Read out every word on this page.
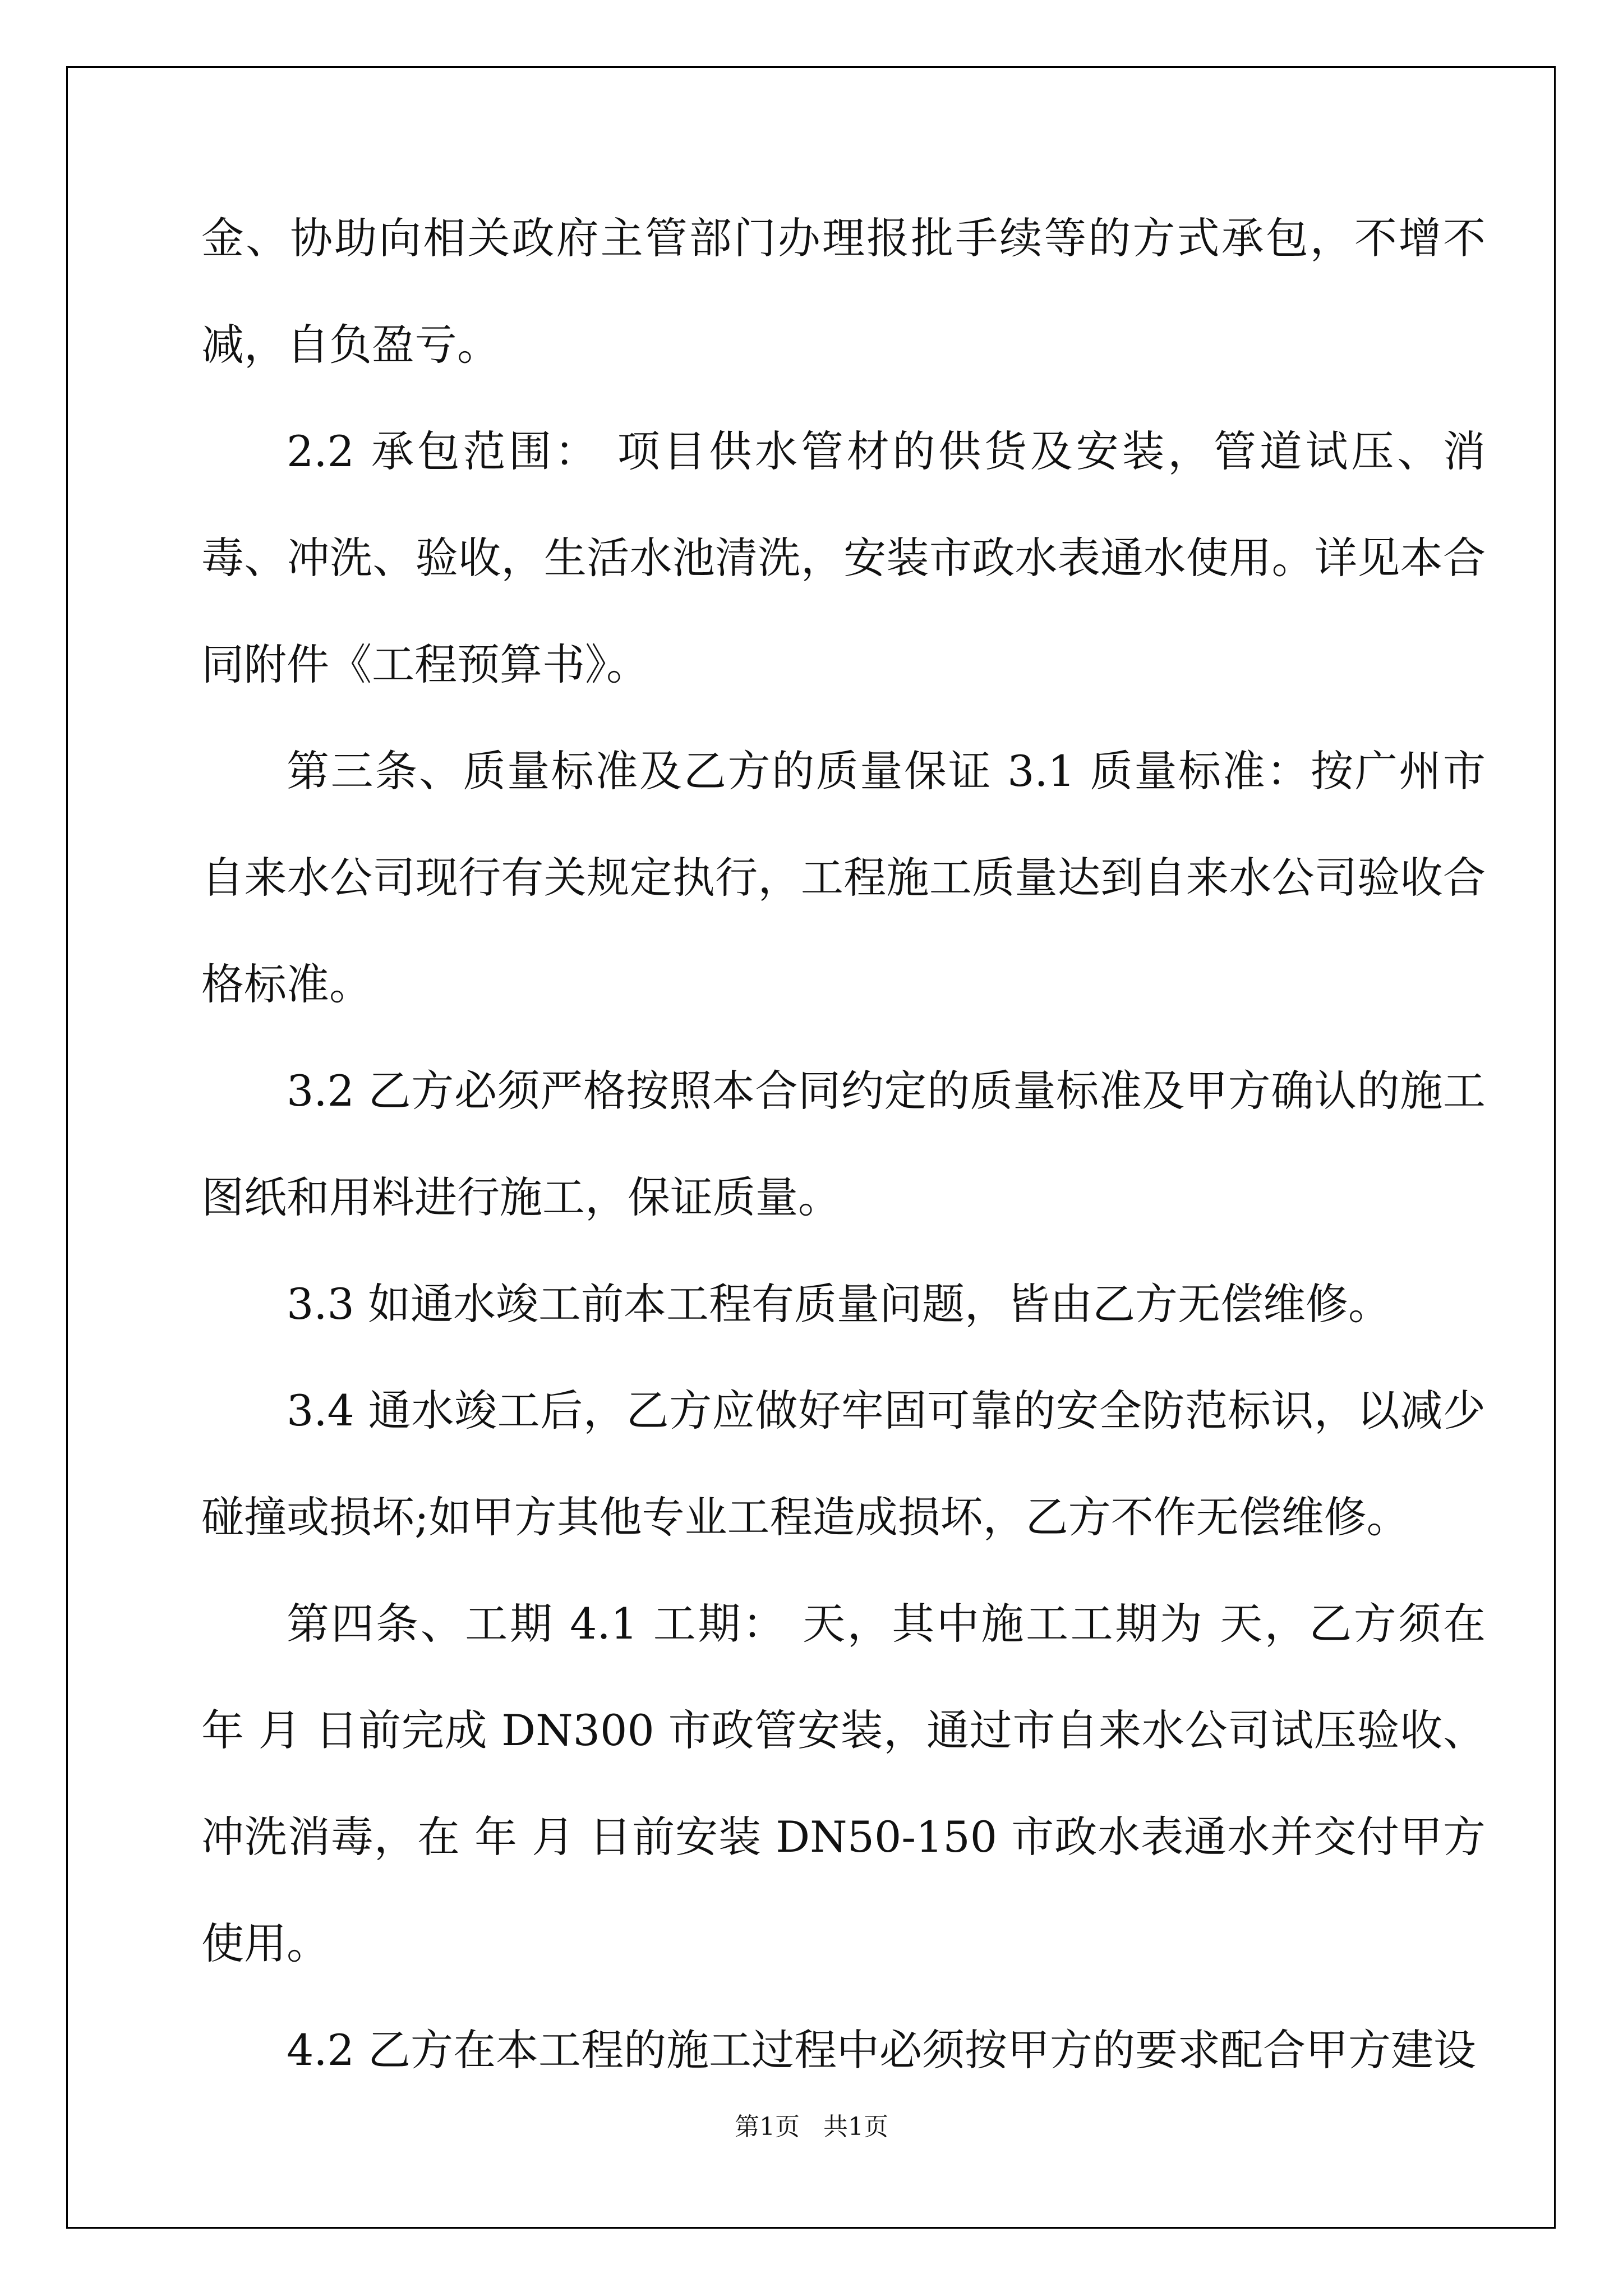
金、协助向相关政府主管部门办理报批手续等的方式承包，不增不减，自负盈亏。

2.2 承包范围： 项目供水管材的供货及安装，管道试压、消毒、冲洗、验收，生活水池清洗，安装市政水表通水使用。详见本合同附件《工程预算书》。

第三条、质量标准及乙方的质量保证 3.1 质量标准：按广州市自来水公司现行有关规定执行，工程施工质量达到自来水公司验收合格标准。

3.2 乙方必须严格按照本合同约定的质量标准及甲方确认的施工图纸和用料进行施工，保证质量。

3.3 如通水竣工前本工程有质量问题，皆由乙方无偿维修。

3.4 通水竣工后，乙方应做好牢固可靠的安全防范标识，以减少碰撞或损坏;如甲方其他专业工程造成损坏，乙方不作无偿维修。

第四条、工期 4.1 工期： 天，其中施工工期为 天，乙方须在 年 月 日前完成 DN300 市政管安装，通过市自来水公司试压验收、冲洗消毒，在 年 月 日前安装 DN50-150 市政水表通水并交付甲方使用。

4.2 乙方在本工程的施工过程中必须按甲方的要求配合甲方建设

第1页   共1页
